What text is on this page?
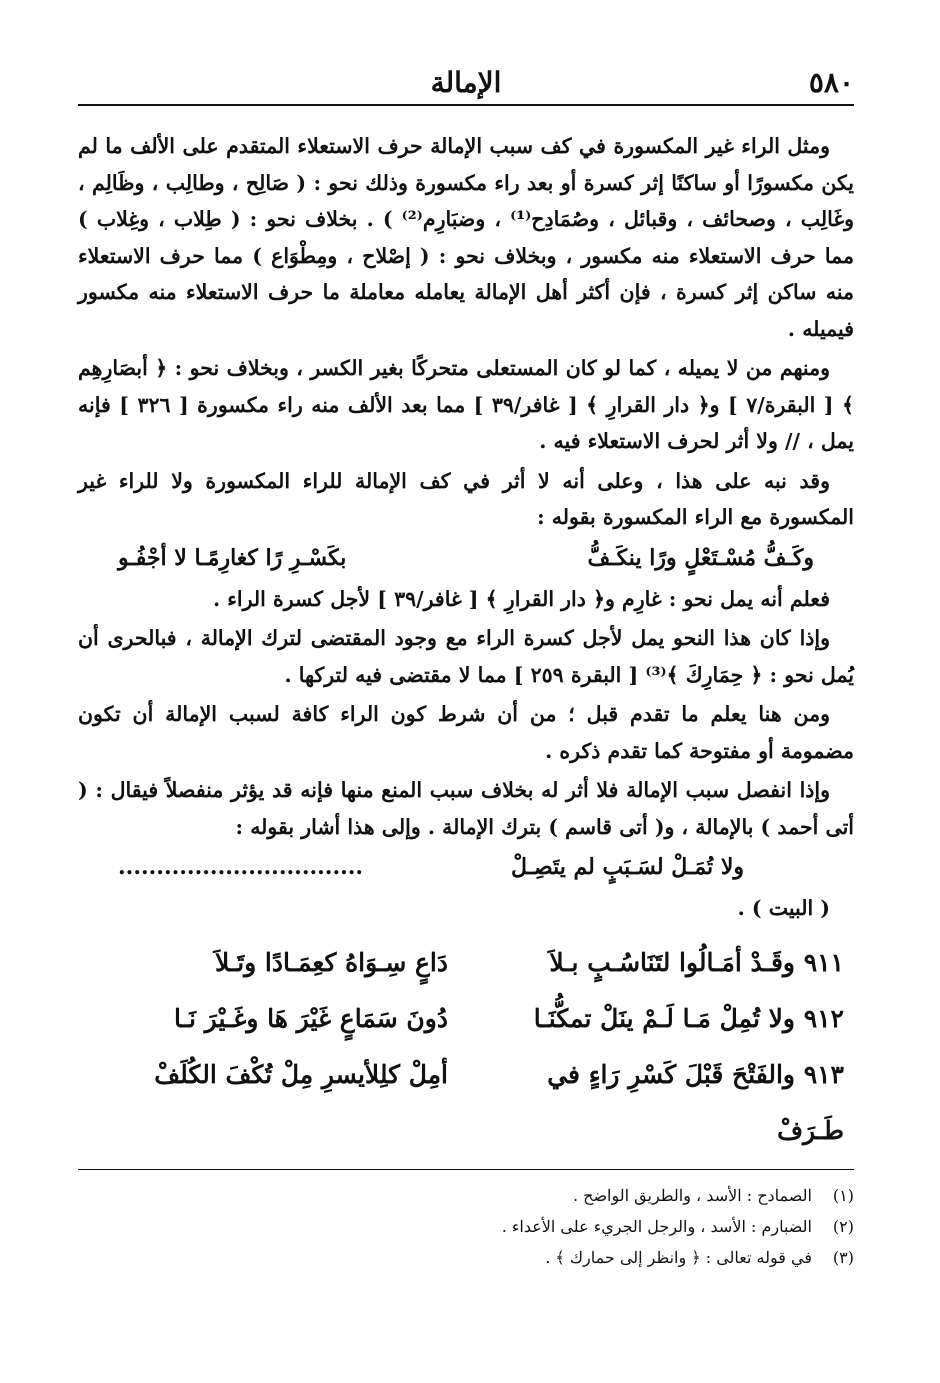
٥٨٠
الإمالة

ومثل الراء غير المكسورة في كف سبب الإمالة حرف الاستعلاء المتقدم على الألف ما لم يكن مكسورًا أو ساكنًا إثر كسرة أو بعد راء مكسورة وذلك نحو : ( صَالِح ، وطالِب ، وظَالِم ، وغَالِب ، وصحائف ، وقبائل ، وصُمَادِح⁽¹⁾ ، وضبَارِم⁽²⁾ ) . بخلاف نحو : ( طِلاب ، وغِلاب ) مما حرف الاستعلاء منه مكسور ، وبخلاف نحو : ( إصْلاح ، ومِطْوَاع ) مما حرف الاستعلاء منه ساكن إثر كسرة ، فإن أكثر أهل الإمالة يعامله معاملة ما حرف الاستعلاء منه مكسور فيميله .

ومنهم من لا يميله ، كما لو كان المستعلى متحركًا بغير الكسر ، وبخلاف نحو : ﴿ أبصَارِهِم ﴾ [ البقرة/٧ ] و﴿ دار القرارِ ﴾ [ غافر/٣٩ ] مما بعد الألف منه راء مكسورة [ ٣٢٦ ] فإنه يمل ، // ولا أثر لحرف الاستعلاء فيه .

وقد نبه على هذا ، وعلى أنه لا أثر في كف الإمالة للراء المكسورة ولا للراء غير المكسورة مع الراء المكسورة بقوله :

وكَـفُّ مُسْـتَعْلٍ ورًا ينكَـفُّ
بكَسْـرِ رًا كغارِمًـا لا أجْفُـو

فعلم أنه يمل نحو : غارِم و﴿ دار القرارِ ﴾ [ غافر/٣٩ ] لأجل كسرة الراء .

وإذا كان هذا النحو يمل لأجل كسرة الراء مع وجود المقتضى لترك الإمالة ، فبالحرى أن يُمل نحو : ﴿ حِمَارِكَ ﴾⁽³⁾ [ البقرة ٢٥٩ ] مما لا مقتضى فيه لتركها .

ومن هنا يعلم ما تقدم قبل ؛ من أن شرط كون الراء كافة لسبب الإمالة أن تكون مضمومة أو مفتوحة كما تقدم ذكره .

وإذا انفصل سبب الإمالة فلا أثر له بخلاف سبب المنع منها فإنه قد يؤثر منفصلاً فيقال : ( أتى أحمد ) بالإمالة ، و( أتى قاسم ) بترك الإمالة . وإلى هذا أشار بقوله :

ولا تُمَـلْ لسَـبَبٍ لم يتَصِـلْ
................................

( البيت ) .

٩١١ وقَـدْ أمَـالُوا لتَنَاسُـبٍ بـلاَ
دَاعٍ سِـوَاهُ كعِمَـادًا وتَـلاَ
٩١٢ ولا تُمِلْ مَـا لَـمْ ينَلْ تمكُّنَـا
دُونَ سَمَاعٍ غَيْرَ هَا وغَـيْرَ نَـا
٩١٣ والفَتْحَ قَبْلَ كَسْرِ رَاءٍ في طَـرَفْ
أمِلْ كلِلأيسرِ مِلْ تُكْفَ الكُلَفْ
(١)
الصمادح : الأسد ، والطريق الواضح .
(٢)
الضبارم : الأسد ، والرجل الجريء على الأعداء .
(٣)
في قوله تعالى : ﴿ وانظر إلى حمارك ﴾ .
